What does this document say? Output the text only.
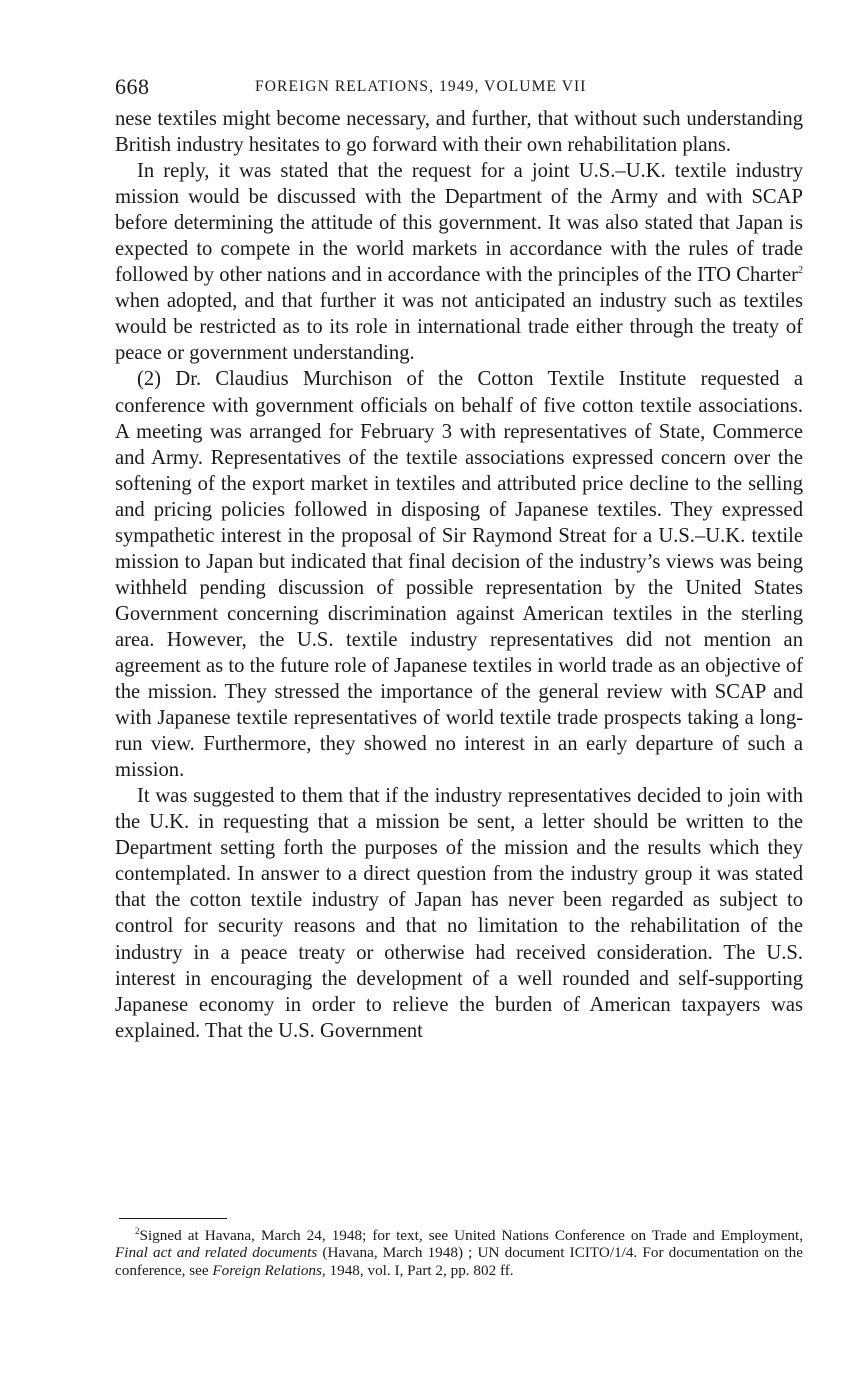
668	FOREIGN RELATIONS, 1949, VOLUME VII

nese textiles might become necessary, and further, that without such understanding British industry hesitates to go forward with their own rehabilitation plans.

In reply, it was stated that the request for a joint U.S.–U.K. textile industry mission would be discussed with the Department of the Army and with SCAP before determining the attitude of this government. It was also stated that Japan is expected to compete in the world markets in accordance with the rules of trade followed by other nations and in accordance with the principles of the ITO Charter$^2$ when adopted, and that further it was not anticipated an industry such as textiles would be restricted as to its role in international trade either through the treaty of peace or government understanding.

(2) Dr. Claudius Murchison of the Cotton Textile Institute requested a conference with government officials on behalf of five cotton textile associations. A meeting was arranged for February 3 with representatives of State, Commerce and Army. Representatives of the textile associations expressed concern over the softening of the export market in textiles and attributed price decline to the selling and pricing policies followed in disposing of Japanese textiles. They expressed sympathetic interest in the proposal of Sir Raymond Streat for a U.S.–U.K. textile mission to Japan but indicated that final decision of the industry’s views was being withheld pending discussion of possible representation by the United States Government concerning discrimination against American textiles in the sterling area. However, the U.S. textile industry representatives did not mention an agreement as to the future role of Japanese textiles in world trade as an objective of the mission. They stressed the importance of the general review with SCAP and with Japanese textile representatives of world textile trade prospects taking a long-run view. Furthermore, they showed no interest in an early departure of such a mission.

It was suggested to them that if the industry representatives decided to join with the U.K. in requesting that a mission be sent, a letter should be written to the Department setting forth the purposes of the mission and the results which they contemplated. In answer to a direct question from the industry group it was stated that the cotton textile industry of Japan has never been regarded as subject to control for security reasons and that no limitation to the rehabilitation of the industry in a peace treaty or otherwise had received consideration. The U.S. interest in encouraging the development of a well rounded and self-supporting Japanese economy in order to relieve the burden of American taxpayers was explained. That the U.S. Government

$^2$Signed at Havana, March 24, 1948; for text, see United Nations Conference on Trade and Employment, Final act and related documents (Havana, March 1948) ; UN document ICITO/1/4. For documentation on the conference, see Foreign Relations, 1948, vol. I, Part 2, pp. 802 ff.
